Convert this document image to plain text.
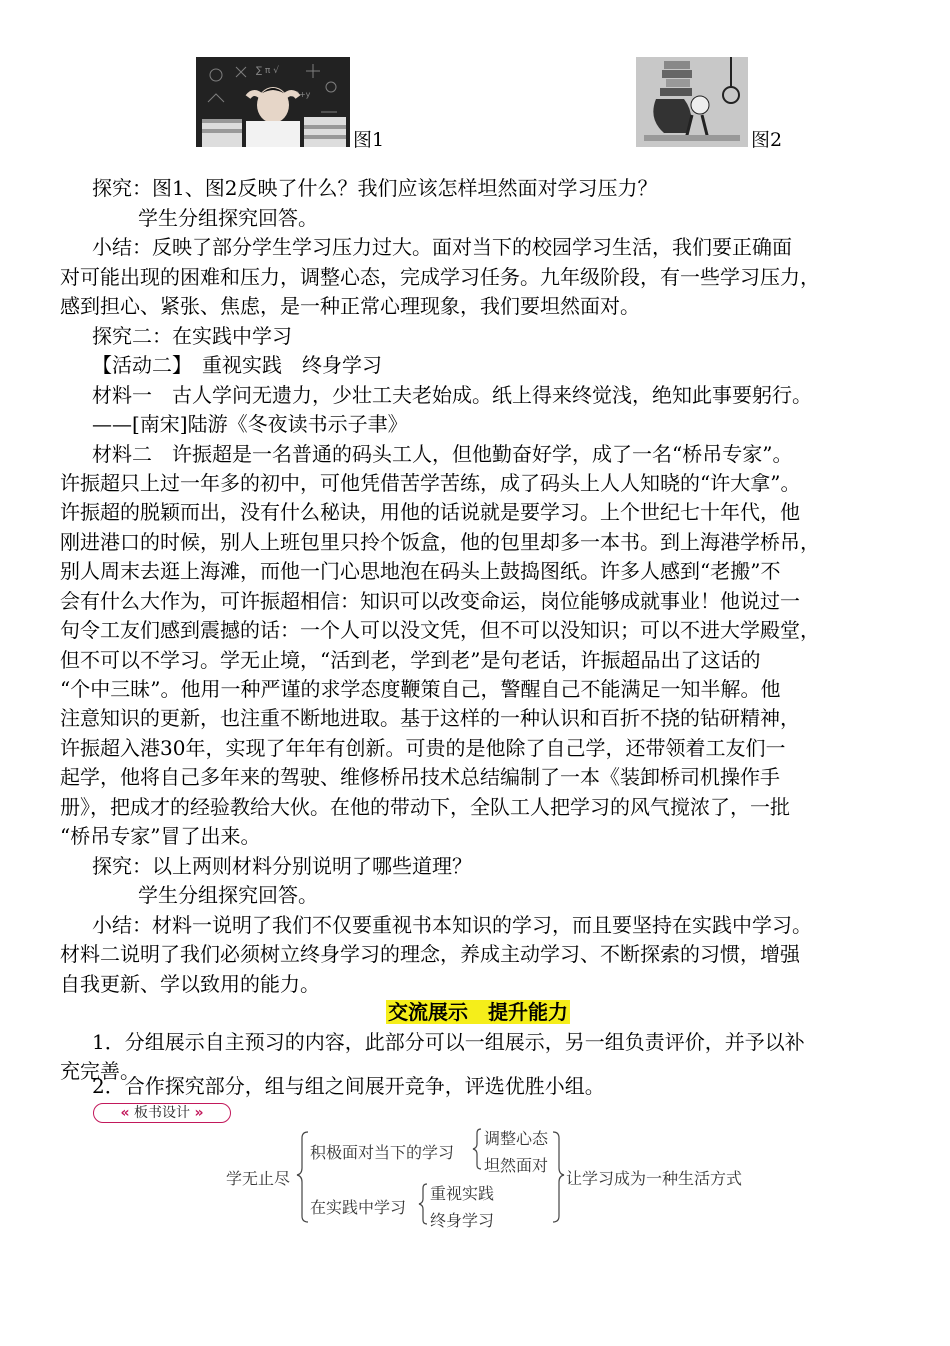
∑ π √
x²+y
图1	图2
探究：图1、图2反映了什么？我们应该怎样坦然面对学习压力？
学生分组探究回答。
小结：反映了部分学生学习压力过大。面对当下的校园学习生活，我们要正确面
对可能出现的困难和压力，调整心态，完成学习任务。九年级阶段，有一些学习压力，
感到担心、紧张、焦虑，是一种正常心理现象，我们要坦然面对。
探究二：在实践中学习
【活动二】　重视实践　终身学习
材料一　古人学问无遗力，少壮工夫老始成。纸上得来终觉浅，绝知此事要躬行。
——[南宋]陆游《冬夜读书示子聿》
材料二　许振超是一名普通的码头工人，但他勤奋好学，成了一名“桥吊专家”。
许振超只上过一年多的初中，可他凭借苦学苦练，成了码头上人人知晓的“许大拿”。
许振超的脱颖而出，没有什么秘诀，用他的话说就是要学习。上个世纪七十年代，他
刚进港口的时候，别人上班包里只拎个饭盒，他的包里却多一本书。到上海港学桥吊，
别人周末去逛上海滩，而他一门心思地泡在码头上鼓捣图纸。许多人感到“老搬”不
会有什么大作为，可许振超相信：知识可以改变命运，岗位能够成就事业！他说过一
句令工友们感到震撼的话：一个人可以没文凭，但不可以没知识；可以不进大学殿堂，
但不可以不学习。学无止境，“活到老，学到老”是句老话，许振超品出了这话的
“个中三昧”。他用一种严谨的求学态度鞭策自己，警醒自己不能满足一知半解。他
注意知识的更新，也注重不断地进取。基于这样的一种认识和百折不挠的钻研精神，
许振超入港30年，实现了年年有创新。可贵的是他除了自己学，还带领着工友们一
起学，他将自己多年来的驾驶、维修桥吊技术总结编制了一本《装卸桥司机操作手
册》，把成才的经验教给大伙。在他的带动下，全队工人把学习的风气搅浓了，一批
“桥吊专家”冒了出来。
探究：以上两则材料分别说明了哪些道理？
学生分组探究回答。
小结：材料一说明了我们不仅要重视书本知识的学习，而且要坚持在实践中学习。
材料二说明了我们必须树立终身学习的理念，养成主动学习、不断探索的习惯，增强
自我更新、学以致用的能力。
交流展示　提升能力
1．分组展示自主预习的内容，此部分可以一组展示，另一组负责评价，并予以补
充完善。
2．合作探究部分，组与组之间展开竞争，评选优胜小组。
« 板书设计 »
学无止尽
积极面对当下的学习
调整心态
坦然面对
在实践中学习
重视实践
终身学习
让学习成为一种生活方式
